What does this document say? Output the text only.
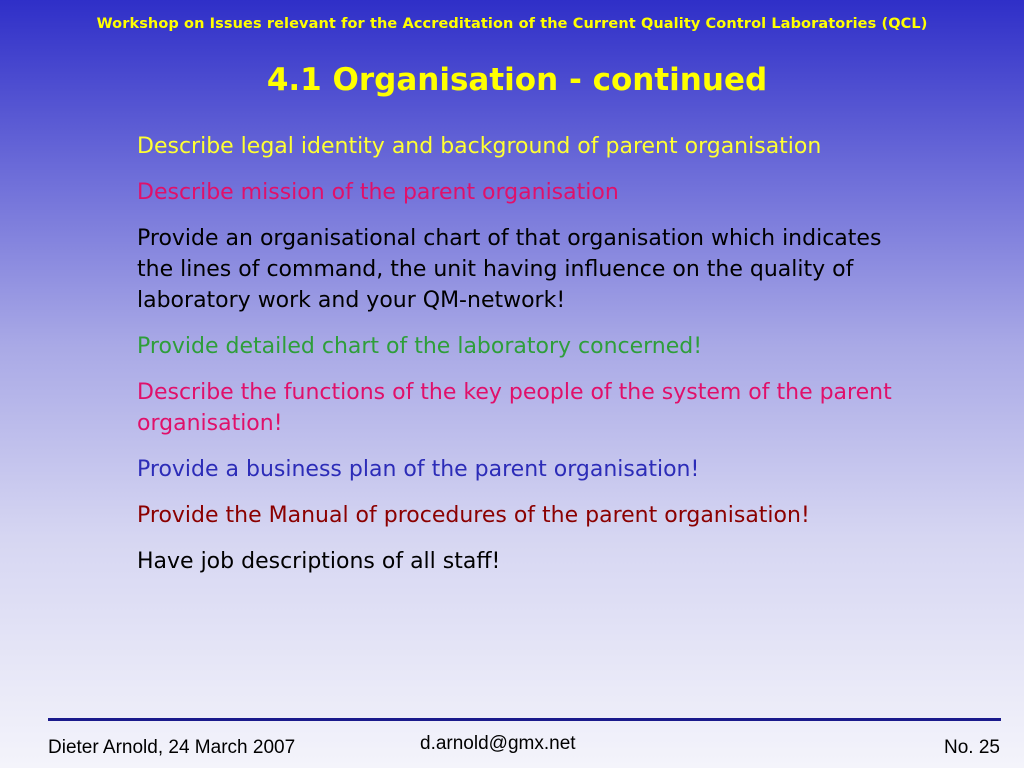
Workshop on Issues relevant for the Accreditation of the Current Quality Control Laboratories (QCL)
4.1 Organisation - continued

Describe legal identity and background of parent organisation

Describe mission of the parent organisation

Provide an organisational chart of that organisation which indicates the lines of command, the unit having influence on the quality of laboratory work and your QM-network!

Provide detailed chart of the laboratory concerned!

Describe the functions of the key people of the system of the parent organisation!

Provide a business plan of the parent organisation!

Provide the Manual of procedures of the parent organisation!

Have job descriptions of all staff!

Dieter Arnold, 24 March 2007	d.arnold@gmx.net	No. 25
